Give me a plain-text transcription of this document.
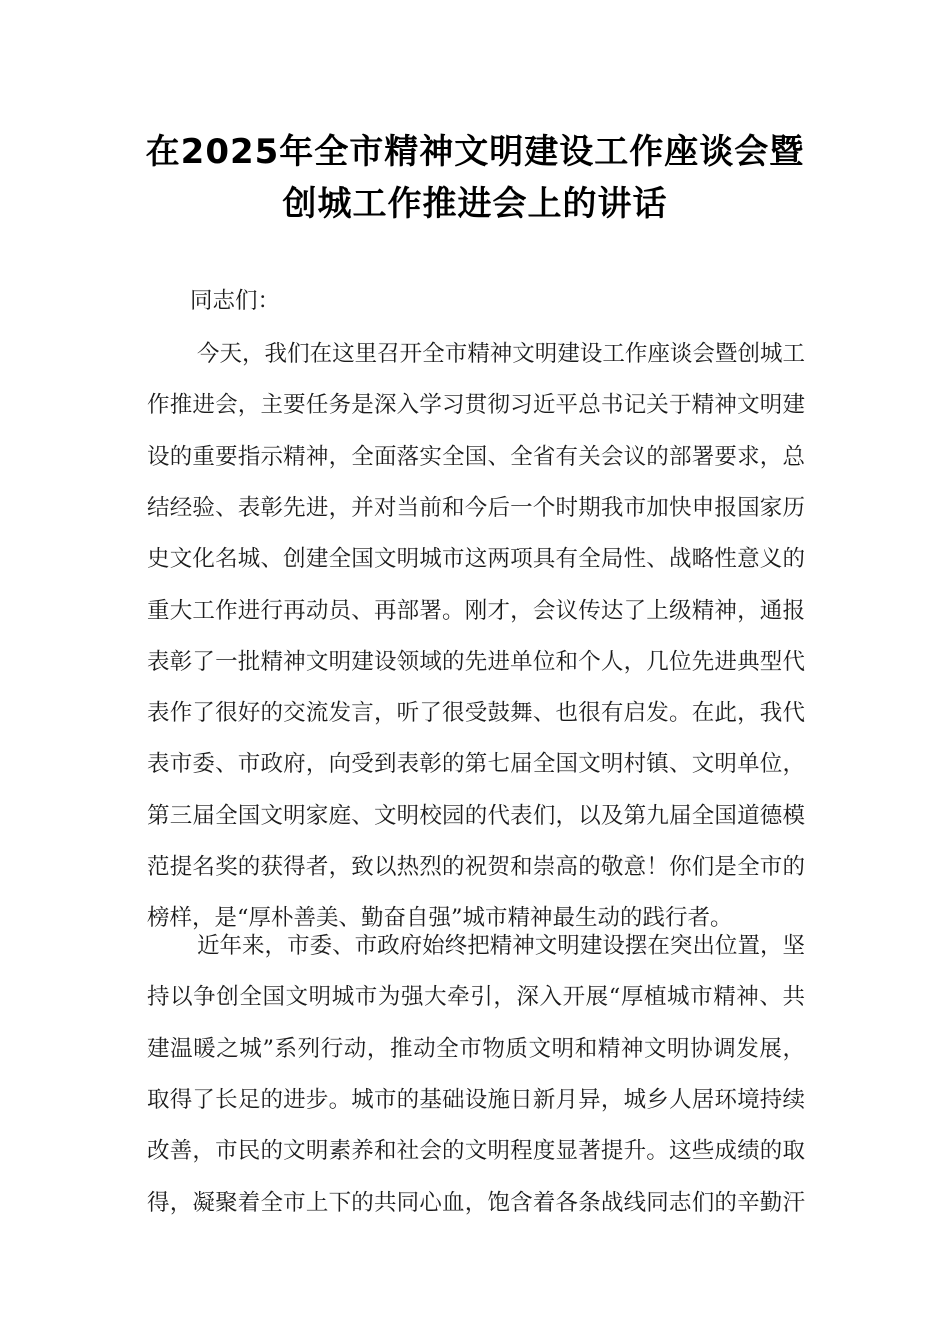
在2025年全市精神文明建设工作座谈会暨
创城工作推进会上的讲话

同志们：

今天，我们在这里召开全市精神文明建设工作座谈会暨创城工
作推进会，主要任务是深入学习贯彻习近平总书记关于精神文明建
设的重要指示精神，全面落实全国、全省有关会议的部署要求，总
结经验、表彰先进，并对当前和今后一个时期我市加快申报国家历
史文化名城、创建全国文明城市这两项具有全局性、战略性意义的
重大工作进行再动员、再部署。刚才，会议传达了上级精神，通报
表彰了一批精神文明建设领域的先进单位和个人，几位先进典型代
表作了很好的交流发言，听了很受鼓舞、也很有启发。在此，我代
表市委、市政府，向受到表彰的第七届全国文明村镇、文明单位，
第三届全国文明家庭、文明校园的代表们，以及第九届全国道德模
范提名奖的获得者，致以热烈的祝贺和崇高的敬意！你们是全市的
榜样，是“厚朴善美、勤奋自强”城市精神最生动的践行者。
近年来，市委、市政府始终把精神文明建设摆在突出位置，坚
持以争创全国文明城市为强大牵引，深入开展“厚植城市精神、共
建温暖之城”系列行动，推动全市物质文明和精神文明协调发展，
取得了长足的进步。城市的基础设施日新月异，城乡人居环境持续
改善，市民的文明素养和社会的文明程度显著提升。这些成绩的取
得，凝聚着全市上下的共同心血，饱含着各条战线同志们的辛勤汗
